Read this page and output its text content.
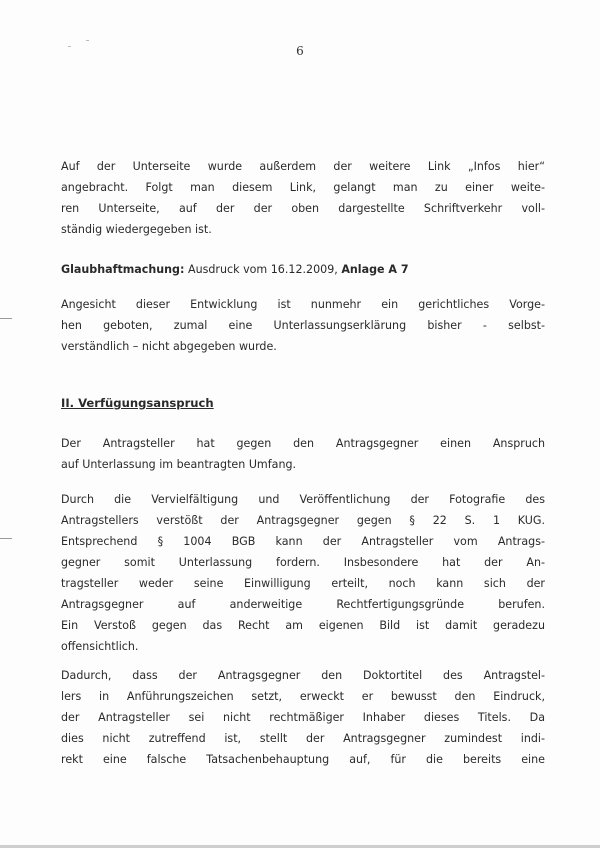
6
Auf der Unterseite wurde außerdem der weitere Link „Infos hier“
angebracht. Folgt man diesem Link, gelangt man zu einer weite-
ren Unterseite, auf der der oben dargestellte Schriftverkehr voll-
ständig wiedergegeben ist.
Glaubhaftmachung: Ausdruck vom 16.12.2009, Anlage A 7
Angesicht dieser Entwicklung ist nunmehr ein gerichtliches Vorge-
hen geboten, zumal eine Unterlassungserklärung bisher - selbst-
verständlich – nicht abgegeben wurde.
II. Verfügungsanspruch
Der Antragsteller hat gegen den Antragsgegner einen Anspruch
auf Unterlassung im beantragten Umfang.
Durch die Vervielfältigung und Veröffentlichung der Fotografie des
Antragstellers verstößt der Antragsgegner gegen § 22 S. 1 KUG.
Entsprechend § 1004 BGB kann der Antragsteller vom Antrags-
gegner somit Unterlassung fordern. Insbesondere hat der An-
tragsteller weder seine Einwilligung erteilt, noch kann sich der
Antragsgegner auf anderweitige Rechtfertigungsgründe berufen.
Ein Verstoß gegen das Recht am eigenen Bild ist damit geradezu
offensichtlich.
Dadurch, dass der Antragsgegner den Doktortitel des Antragstel-
lers in Anführungszeichen setzt, erweckt er bewusst den Eindruck,
der Antragsteller sei nicht rechtmäßiger Inhaber dieses Titels. Da
dies nicht zutreffend ist, stellt der Antragsgegner zumindest indi-
rekt eine falsche Tatsachenbehauptung auf, für die bereits eine
